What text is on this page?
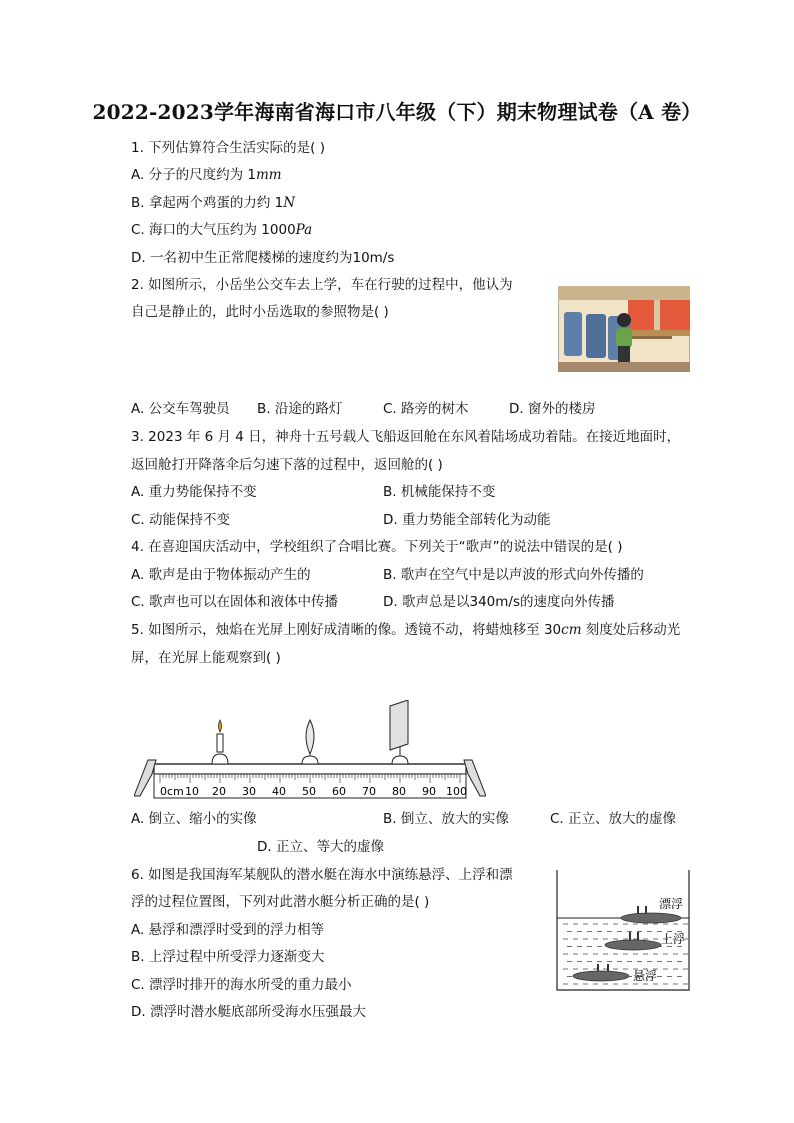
2022-2023学年海南省海口市八年级（下）期末物理试卷（A 卷）
1. 下列估算符合生活实际的是( )
A. 分子的尺度约为 1mm
B. 拿起两个鸡蛋的力约 1N
C. 海口的大气压约为 1000Pa
D. 一名初中生正常爬楼梯的速度约为10m/s
2. 如图所示，小岳坐公交车去上学，车在行驶的过程中，他认为
自己是静止的，此时小岳选取的参照物是( )
A. 公交车驾驶员 B. 沿途的路灯	C. 路旁的树木	D. 窗外的楼房
3. 2023 年 6 月 4 日，神舟十五号载人飞船返回舱在东风着陆场成功着陆。在接近地面时，
返回舱打开降落伞后匀速下落的过程中，返回舱的( )
A. 重力势能保持不变	B. 机械能保持不变
C. 动能保持不变	D. 重力势能全部转化为动能
4. 在喜迎国庆活动中，学校组织了合唱比赛。下列关于“歌声”的说法中错误的是( )
A. 歌声是由于物体振动产生的	B. 歌声在空气中是以声波的形式向外传播的
C. 歌声也可以在固体和液体中传播	D. 歌声总是以340m/s的速度向外传播
5. 如图所示，烛焰在光屏上刚好成清晰的像。透镜不动，将蜡烛移至 30cm 刻度处后移动光
屏，在光屏上能观察到( )
0cm 10 20 30 40 50 60 70 80 90 100
A. 倒立、缩小的实像	B. 倒立、放大的实像	C. 正立、放大的虚像
D. 正立、等大的虚像
6. 如图是我国海军某舰队的潜水艇在海水中演练悬浮、上浮和漂
浮的过程位置图，下列对此潜水艇分析正确的是( )
A. 悬浮和漂浮时受到的浮力相等
B. 上浮过程中所受浮力逐渐变大
C. 漂浮时排开的海水所受的重力最小
D. 漂浮时潜水艇底部所受海水压强最大
漂浮
上浮
悬浮
